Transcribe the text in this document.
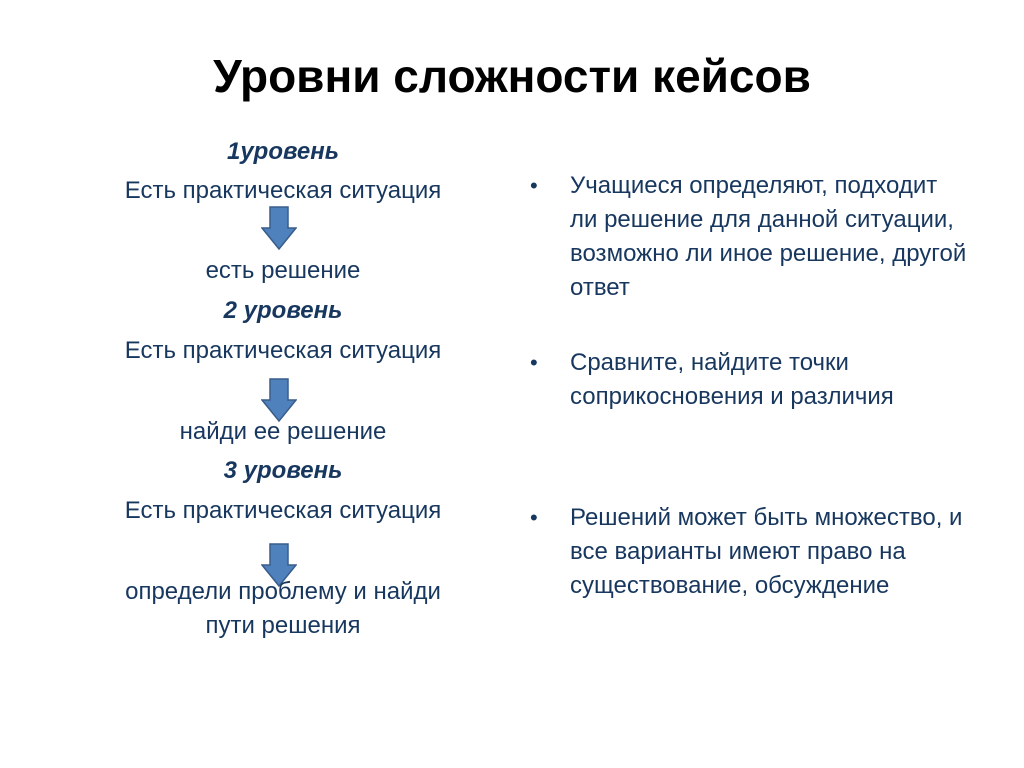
Уровни сложности кейсов
1уровень
Есть практическая ситуация
есть решение
2 уровень
Есть практическая ситуация
найди ее решение
3 уровень
Есть практическая ситуация
определи проблему и найди
пути решения
• Учащиеся определяют, подходит ли решение для данной ситуации, возможно ли иное решение, другой ответ
• Сравните, найдите точки соприкосновения и различия
• Решений может быть множество, и все варианты имеют право на существование, обсуждение
